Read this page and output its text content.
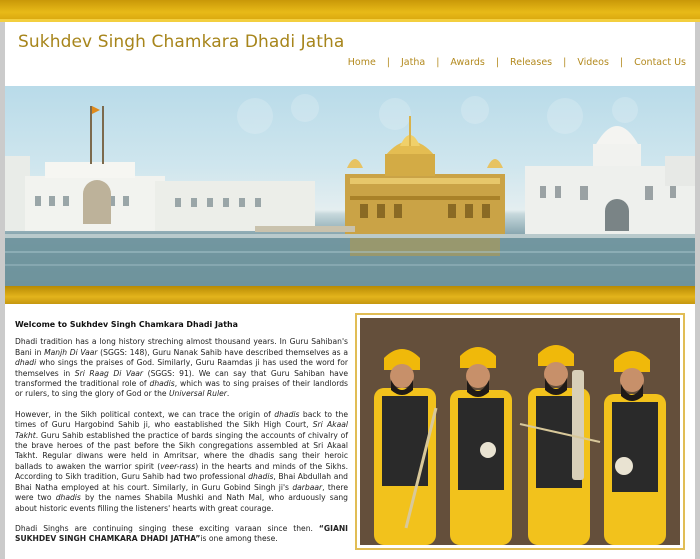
Sukhdev Singh Chamkara Dhadi Jatha
Home | Jatha | Awards | Releases | Videos | Contact Us
Welcome to Sukhdev Singh Chamkara Dhadi Jatha

Dhadi tradition has a long history streching almost thousand years. In Guru Sahiban's Bani in Manjh Di Vaar (SGGS: 148), Guru Nanak Sahib have described themselves as a dhadi who sings the praises of God. Similarly, Guru Raamdas ji has used the word for themselves in Sri Raag Di Vaar (SGGS: 91). We can say that Guru Sahiban have transformed the traditional role of dhadis, which was to sing praises of their landlords or rulers, to sing the glory of God or the Universal Ruler.

However, in the Sikh political context, we can trace the origin of dhadis back to the times of Guru Hargobind Sahib ji, who eastablished the Sikh High Court, Sri Akaal Takht. Guru Sahib established the practice of bards singing the accounts of chivalry of the brave heroes of the past before the Sikh congregations assembled at Sri Akaal Takht. Regular diwans were held in Amritsar, where the dhadis sang their heroic ballads to awaken the warrior spirit (veer-rass) in the hearts and minds of the Sikhs. According to Sikh tradition, Guru Sahib had two professional dhadis, Bhai Abdullah and Bhai Natha employed at his court. Similarly, in Guru Gobind Singh ji's darbaar, there were two dhadis by the names Shabila Mushki and Nath Mal, who arduously sang about historic events filling the listeners' hearts with great courage.

Dhadi Singhs are continuing singing these exciting varaan since then. “GIANI SUKHDEV SINGH CHAMKARA DHADI JATHA”is one among these.
